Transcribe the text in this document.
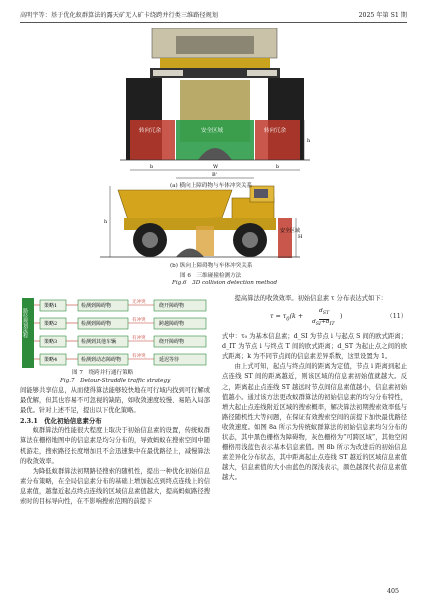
高明宇等：基于优化蚁群算法的露天矿无人矿卡绕跨并行类三维路径规划	2025 年第 S1 期
转向冗余	安全区域	转向冗余
b	b
W
h
B'
安全区域
H
h
(a) 横向上障碍物与车体冲突关系
(b) 纵向上障碍物与车体冲突关系
图 6　三维碰撞检测方法
Fig.6　3D collision detection method
路径规划流程
策略1
策略2
策略3
策略4
检测到障碍物
检测到障碍物
检测到其他车辆
检测到动态障碍物
无冲突
有冲突
有冲突
有冲突
绕开障碍物
跨越障碍物
绕开障碍物
延迟等待
图 7　绕跨并行通行策略
Fig.7　Detour-Straddle traffic strategy

间能够共享信息，从而使得算法能够较快地在可行域内找到可行解或最优解，但其也容易不可忽视的缺陷，如收敛速度较慢、易陷入局部最优。针对上述不足，提出以下优化策略。

2.3.1　优化初始信息素分布

蚁群算法的性能很大程度上取决于初始信息素的设置，传统蚁群算法在栅格地图中的信息素是均匀分布的，导致蚂蚁在搜索空间中随机游走，搜索路径长度增加且不会迅速集中在最优路径上，减慢算法的收敛效率。

为降低蚁群算法初期路径搜索的随机性，提出一种优化初始信息素分布策略，在全局信息素分布的基础上增加起点到终点连线上的信息素值，越靠近起点终点连线的区域信息素值越大，提高蚂蚁路径搜索时的目标导向性，在不影响搜索范围的前提下

提高算法的收敛效率。初始信息素 τ 分布表达式如下：

$\tau = \tau_0(k$ +
$d_{ST}$
$d_{SI}+d_{IT}$
)	（11）

式中：τ₀ 为基本信息素；d_SI 为节点 i 与起点 S 间的欧式距离；d_IT 为节点 i 与终点 T 间的欧式距离；d_ST 为起止点之间的欧式距离；k 为不同节点间的信息素差异系数，这里设置为 1。

由上式可知，起点与终点间的距离为定值，节点 i 距离到起止点连线 ST 间的距离越近，则该区域的信息素初始值就越大。反之，距离起止点连线 ST 越远时节点间信息素值越小，信息素初始值越小。通过该方法更改蚁群算法的初始信息素的均匀分布特性，增大起止点连线附近区域的搜索概率，解决算法初期搜索效率低与路径随机性大等问题，在保证有效搜索空间的前提下加快最优路径收敛速度。如图 8a 所示为传统蚁群算法的初始信息素均匀分布的状态，其中黑色栅格为障碍物，灰色栅格为“可跨区域”，其他空闲栅格用浅蓝色表示基本信息素值。图 8b 所示为改进后的初始信息素差异化分布状态，其中距离起止点连线 ST 越近的区域信息素值越大，信息素值的大小由蓝色的深浅表示，颜色越深代表信息素值越大。

405
